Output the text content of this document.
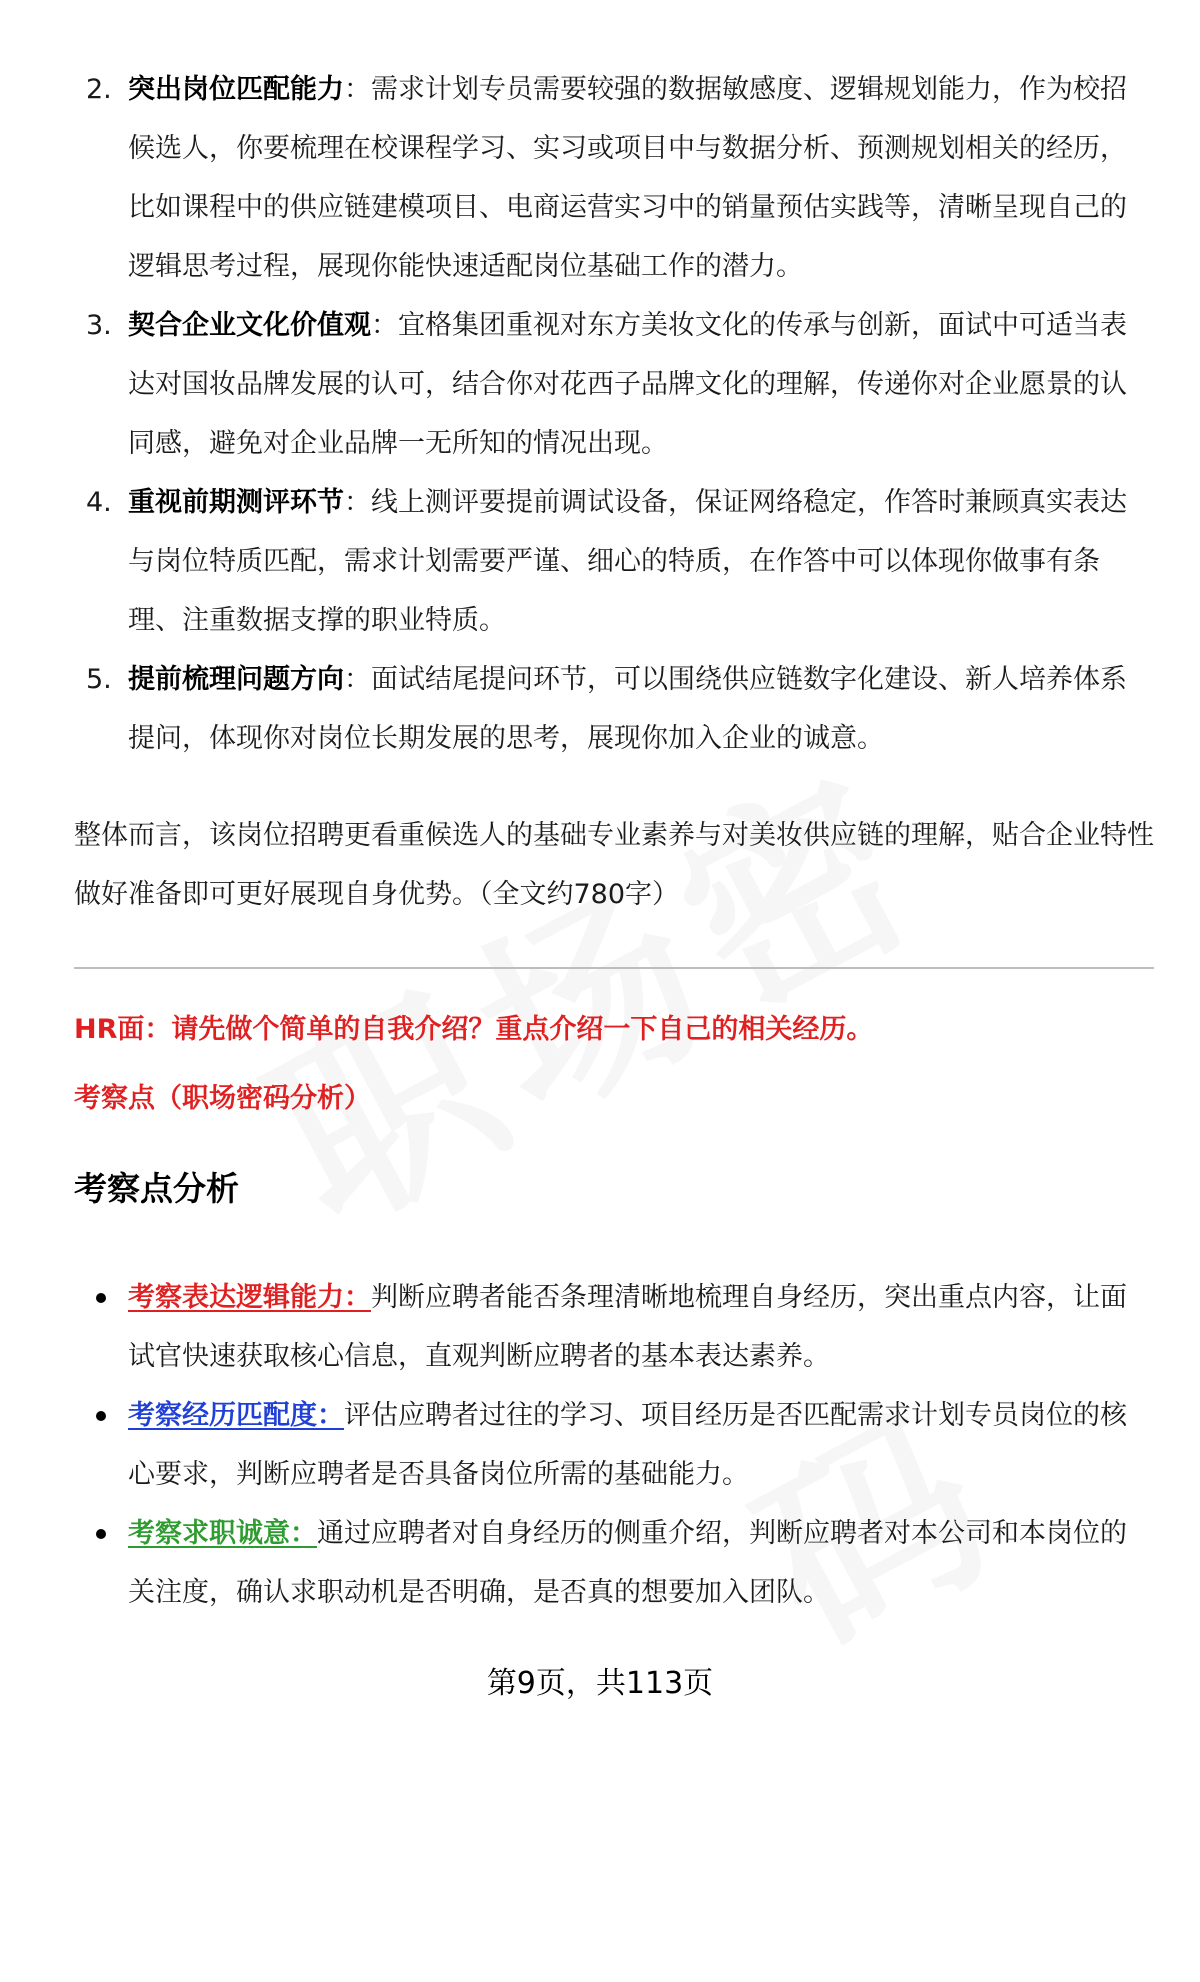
2. 突出岗位匹配能力：需求计划专员需要较强的数据敏感度、逻辑规划能力，作为校招候选人，你要梳理在校课程学习、实习或项目中与数据分析、预测规划相关的经历，比如课程中的供应链建模项目、电商运营实习中的销量预估实践等，清晰呈现自己的逻辑思考过程，展现你能快速适配岗位基础工作的潜力。
3. 契合企业文化价值观：宜格集团重视对东方美妆文化的传承与创新，面试中可适当表达对国妆品牌发展的认可，结合你对花西子品牌文化的理解，传递你对企业愿景的认同感，避免对企业品牌一无所知的情况出现。
4. 重视前期测评环节：线上测评要提前调试设备，保证网络稳定，作答时兼顾真实表达与岗位特质匹配，需求计划需要严谨、细心的特质，在作答中可以体现你做事有条理、注重数据支撑的职业特质。
5. 提前梳理问题方向：面试结尾提问环节，可以围绕供应链数字化建设、新人培养体系提问，体现你对岗位长期发展的思考，展现你加入企业的诚意。

整体而言，该岗位招聘更看重候选人的基础专业素养与对美妆供应链的理解，贴合企业特性做好准备即可更好展现自身优势。（全文约780字）

HR面：请先做个简单的自我介绍？重点介绍一下自己的相关经历。
考察点（职场密码分析）
考察点分析
考察表达逻辑能力：判断应聘者能否条理清晰地梳理自身经历，突出重点内容，让面试官快速获取核心信息，直观判断应聘者的基本表达素养。
考察经历匹配度：评估应聘者过往的学习、项目经历是否匹配需求计划专员岗位的核心要求，判断应聘者是否具备岗位所需的基础能力。
考察求职诚意：通过应聘者对自身经历的侧重介绍，判断应聘者对本公司和本岗位的关注度，确认求职动机是否明确，是否真的想要加入团队。
第9页，共113页
